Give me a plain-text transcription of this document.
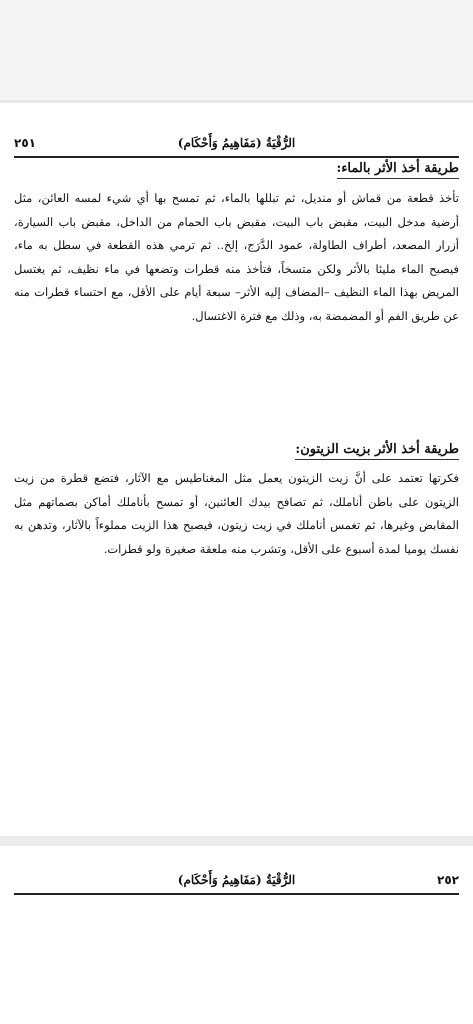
الرُّقْيَةُ (مَفَاهِيمُ وَأَحْكَام)
٢٥١
طريقة أخذ الأثر بالماء:
تأخذ قطعة من قماش أو منديل، ثم تبللها بالماء، ثم تمسح بها أي شيء لمسه العائن، مثل أرضية مدخل البيت، مقبض باب البيت، مقبض باب الحمام من الداخل، مقبض باب السيارة، أزرار المصعد، أطراف الطاولة، عمود الدَّرَج، إلخ.. ثم ترمي هذه القطعة في سطل به ماء، فيصبح الماء مليئا بالأثر ولكن متسخاً، فتأخذ منه قطرات وتضعها في ماء نظيف، ثم يغتسل المريض بهذا الماء النظيف –المضاف إليه الأثر– سبعة أيام على الأقل، مع احتساء قطرات منه عن طريق الفم أو المضمضة به، وذلك مع فترة الاغتسال.
طريقة أخذ الأثر بزيت الزيتون:
فكرتها تعتمد على أنَّ زيت الزيتون يعمل مثل المغناطيس مع الآثار، فتضع قطرة من زيت الزيتون على باطن أناملك، ثم تصافح بيدك العائنين، أو تمسح بأناملك أماكن بصماتهم مثل المقابض وغيرها، ثم تغمس أناملك في زيت زيتون، فيصبح هذا الزيت مملوءاً بالآثار، وتدهن به نفسك يوميا لمدة أسبوع على الأقل، وتشرب منه ملعقة صغيرة ولو قطرات.
الرُّقْيَةُ (مَفَاهِيمُ وَأَحْكَام)	٢٥٢
